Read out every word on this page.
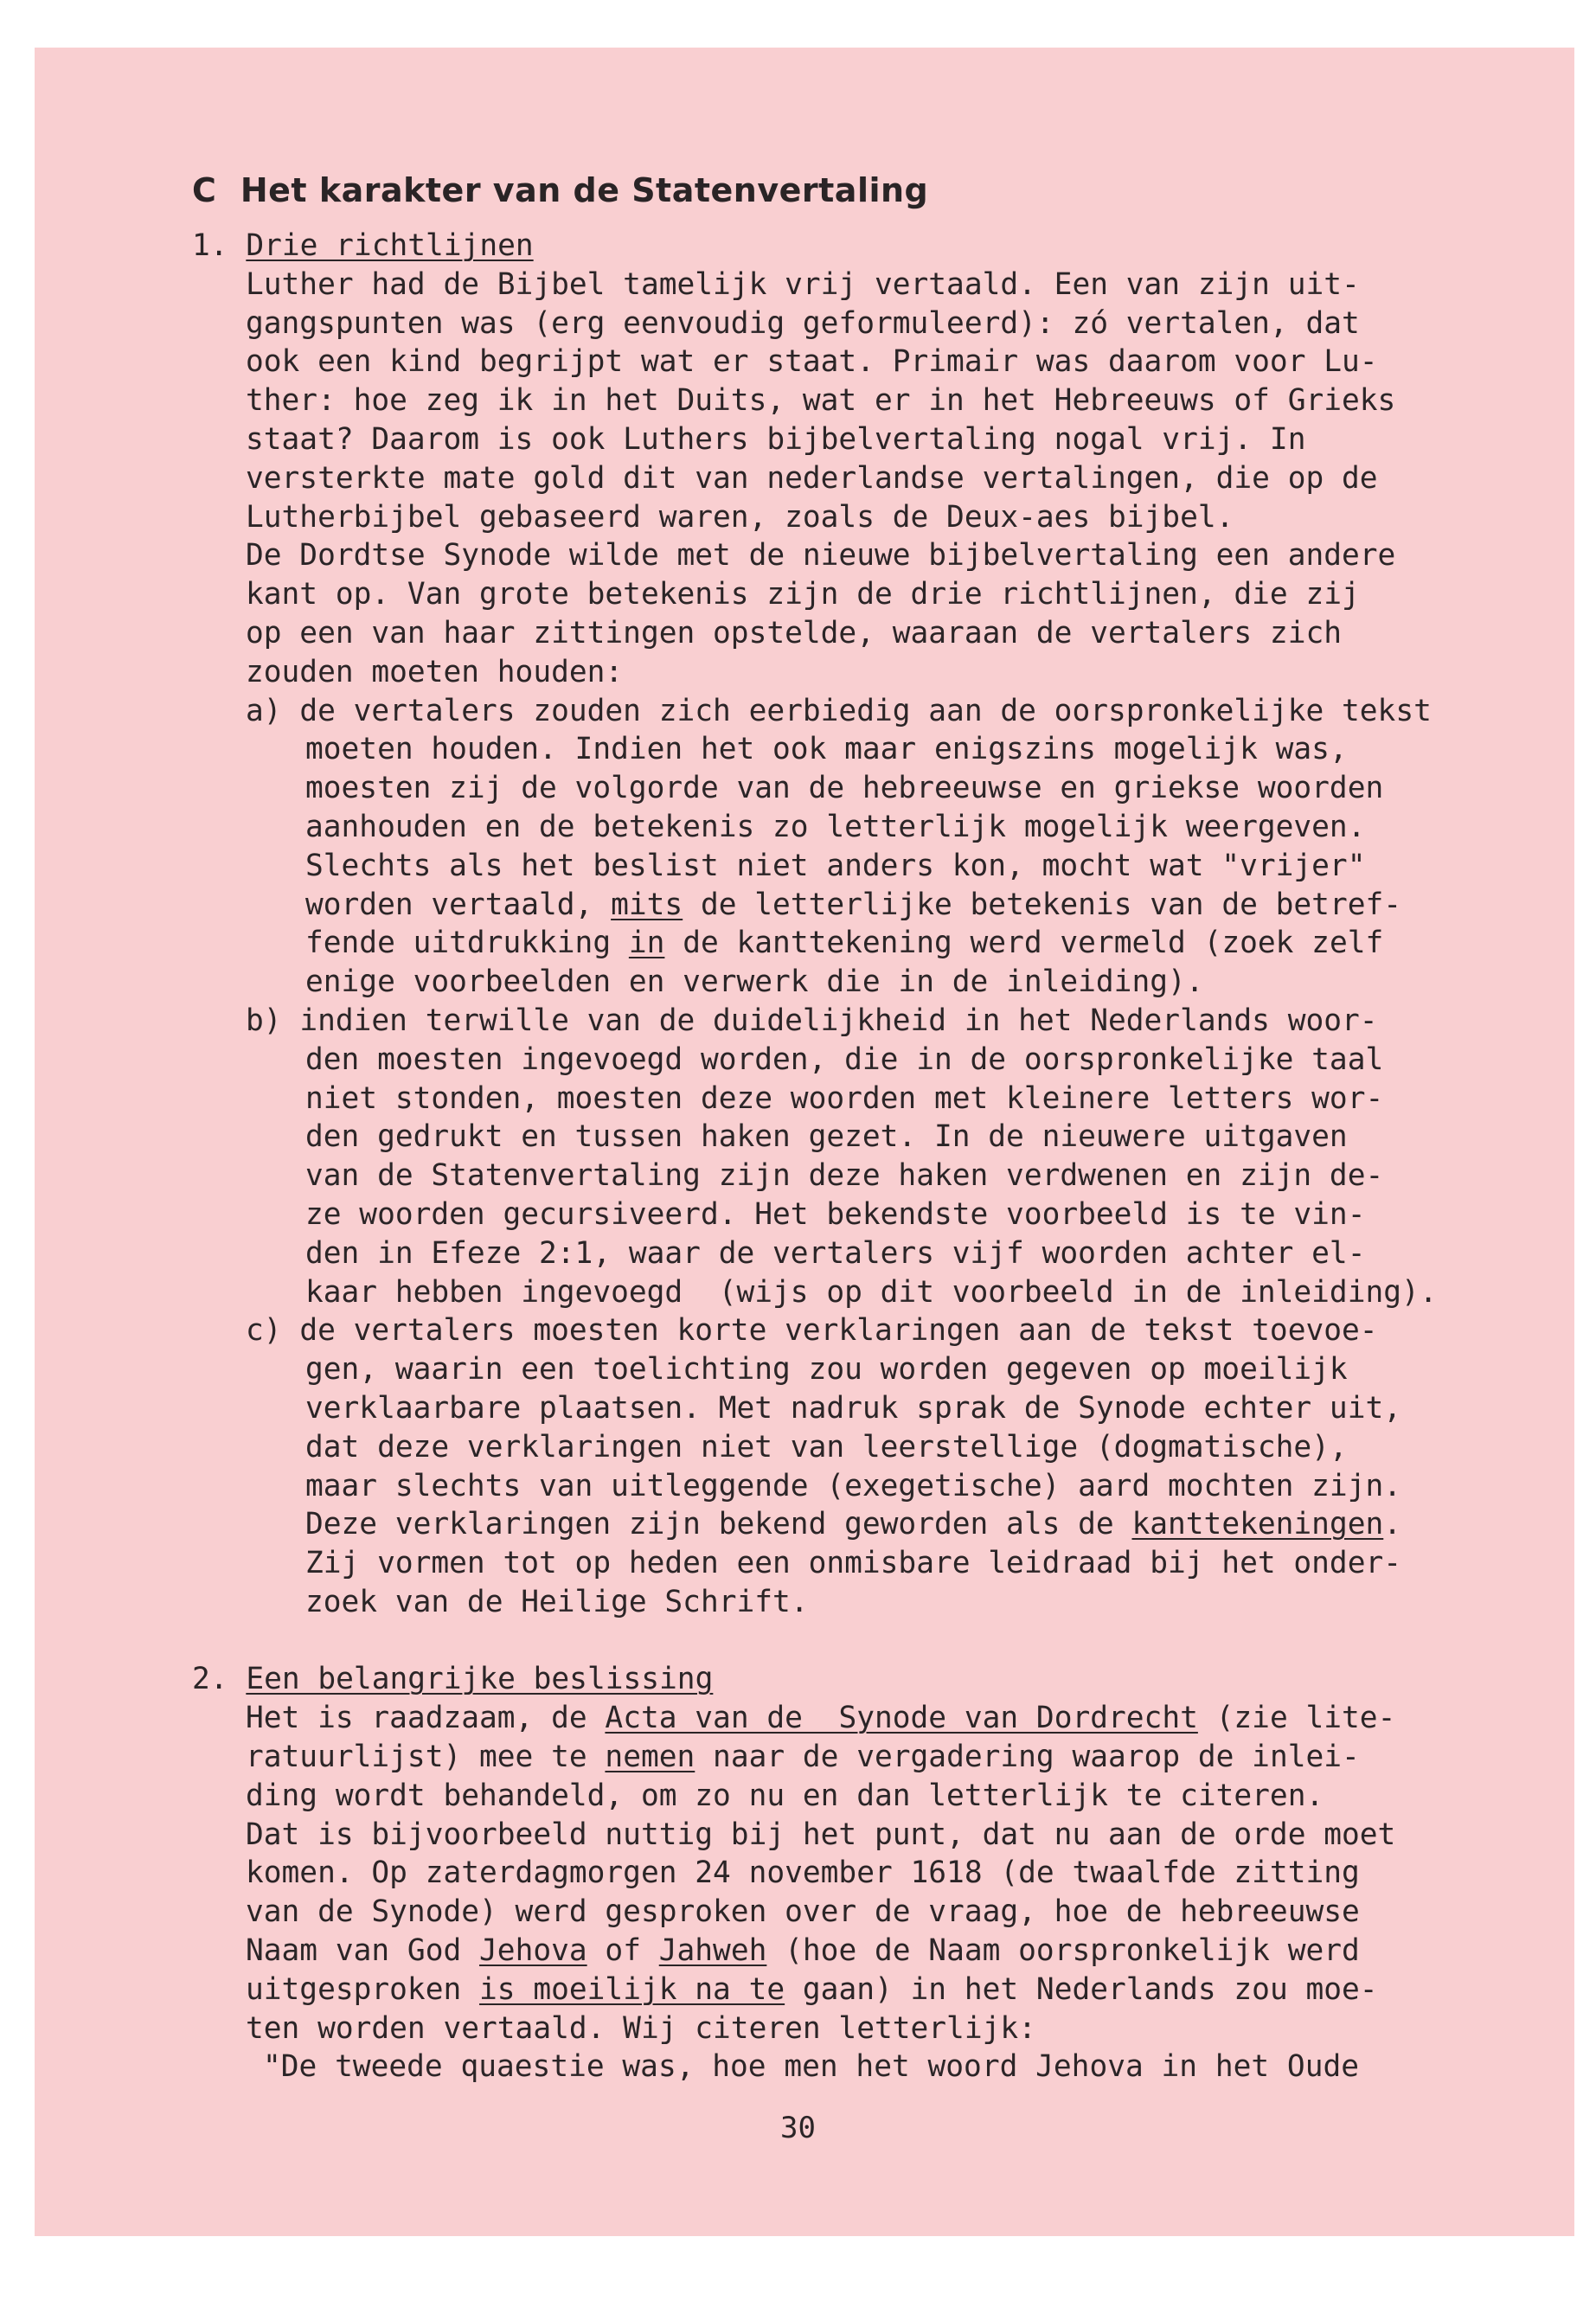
C  Het karakter van de Statenvertaling
1. Drie richtlijnen
Luther had de Bijbel tamelijk vrij vertaald. Een van zijn uit-
gangspunten was (erg eenvoudig geformuleerd): zó vertalen, dat
ook een kind begrijpt wat er staat. Primair was daarom voor Lu-
ther: hoe zeg ik in het Duits, wat er in het Hebreeuws of Grieks
staat? Daarom is ook Luthers bijbelvertaling nogal vrij. In
versterkte mate gold dit van nederlandse vertalingen, die op de
Lutherbijbel gebaseerd waren, zoals de Deux-aes bijbel.
De Dordtse Synode wilde met de nieuwe bijbelvertaling een andere
kant op. Van grote betekenis zijn de drie richtlijnen, die zij
op een van haar zittingen opstelde, waaraan de vertalers zich
zouden moeten houden:
a) de vertalers zouden zich eerbiedig aan de oorspronkelijke tekst
moeten houden. Indien het ook maar enigszins mogelijk was,
moesten zij de volgorde van de hebreeuwse en griekse woorden
aanhouden en de betekenis zo letterlijk mogelijk weergeven.
Slechts als het beslist niet anders kon, mocht wat "vrijer"
worden vertaald, mits de letterlijke betekenis van de betref-
fende uitdrukking in de kanttekening werd vermeld (zoek zelf
enige voorbeelden en verwerk die in de inleiding).
b) indien terwille van de duidelijkheid in het Nederlands woor-
den moesten ingevoegd worden, die in de oorspronkelijke taal
niet stonden, moesten deze woorden met kleinere letters wor-
den gedrukt en tussen haken gezet. In de nieuwere uitgaven
van de Statenvertaling zijn deze haken verdwenen en zijn de-
ze woorden gecursiveerd. Het bekendste voorbeeld is te vin-
den in Efeze 2:1, waar de vertalers vijf woorden achter el-
kaar hebben ingevoegd  (wijs op dit voorbeeld in de inleiding).
c) de vertalers moesten korte verklaringen aan de tekst toevoe-
gen, waarin een toelichting zou worden gegeven op moeilijk
verklaarbare plaatsen. Met nadruk sprak de Synode echter uit,
dat deze verklaringen niet van leerstellige (dogmatische),
maar slechts van uitleggende (exegetische) aard mochten zijn.
Deze verklaringen zijn bekend geworden als de kanttekeningen.
Zij vormen tot op heden een onmisbare leidraad bij het onder-
zoek van de Heilige Schrift.
2. Een belangrijke beslissing
Het is raadzaam, de Acta van de  Synode van Dordrecht (zie lite-
ratuurlijst) mee te nemen naar de vergadering waarop de inlei-
ding wordt behandeld, om zo nu en dan letterlijk te citeren.
Dat is bijvoorbeeld nuttig bij het punt, dat nu aan de orde moet
komen. Op zaterdagmorgen 24 november 1618 (de twaalfde zitting
van de Synode) werd gesproken over de vraag, hoe de hebreeuwse
Naam van God Jehova of Jahweh (hoe de Naam oorspronkelijk werd
uitgesproken is moeilijk na te gaan) in het Nederlands zou moe-
ten worden vertaald. Wij citeren letterlijk:
"De tweede quaestie was, hoe men het woord Jehova in het Oude
30
